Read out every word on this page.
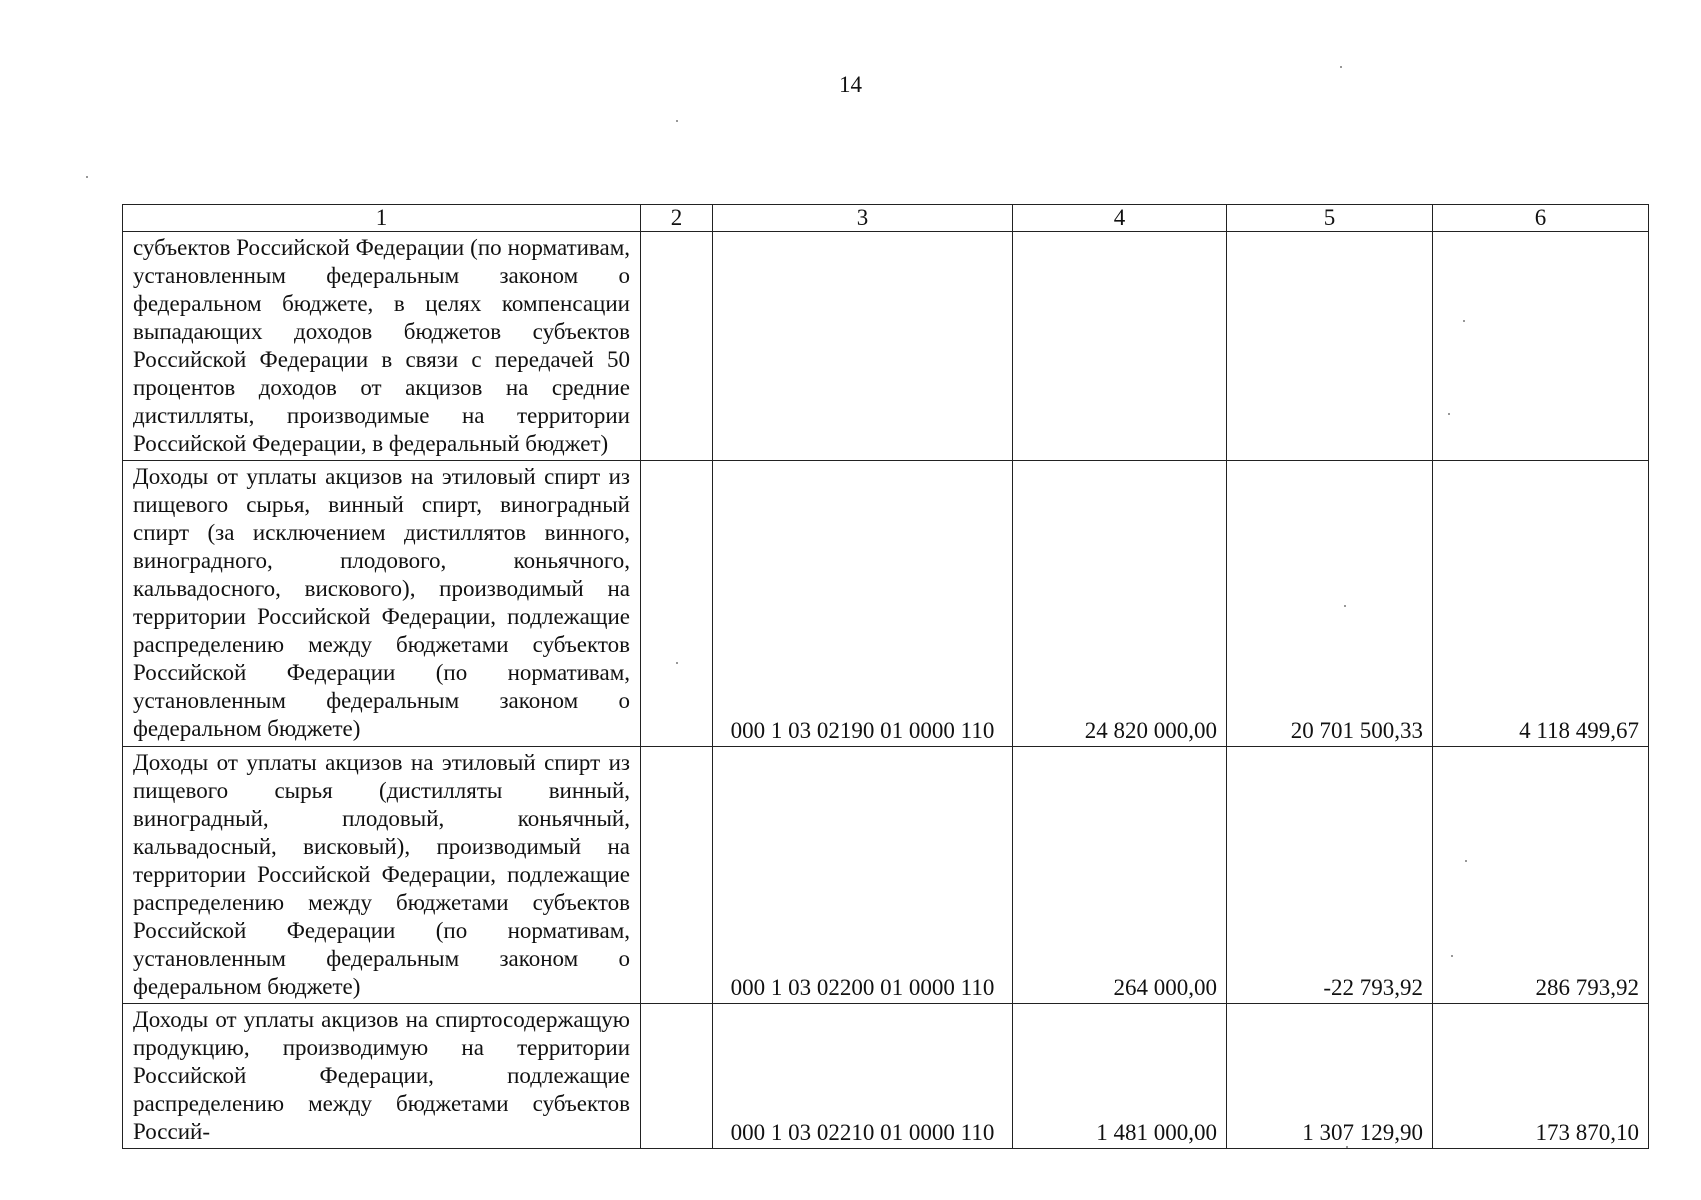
14
1	2	3	4	5	6
субъектов Российской Федерации (по нормативам, установленным федеральным законом о федеральном бюджете, в целях компенсации выпадающих доходов бюджетов субъектов Российской Федерации в связи с передачей 50 процентов доходов от акцизов на средние дистилляты, производимые на территории Российской Федерации, в федеральный бюджет)					
Доходы от уплаты акцизов на этиловый спирт из пищевого сырья, винный спирт, виноградный спирт (за исключением дистиллятов винного, виноградного, плодового, коньячного, кальвадосного, вискового), производимый на территории Российской Федерации, подлежащие распределению между бюджетами субъектов Российской Федерации (по нормативам, установленным федеральным законом о федеральном бюджете)		000 1 03 02190 01 0000 110	24 820 000,00	20 701 500,33	4 118 499,67
Доходы от уплаты акцизов на этиловый спирт из пищевого сырья (дистилляты винный, виноградный, плодовый, коньячный, кальвадосный, висковый), производимый на территории Российской Федерации, подлежащие распределению между бюджетами субъектов Российской Федерации (по нормативам, установленным федеральным законом о федеральном бюджете)		000 1 03 02200 01 0000 110	264 000,00	-22 793,92	286 793,92
Доходы от уплаты акцизов на спиртосодержащую продукцию, производимую на территории Российской Федерации, подлежащие распределению между бюджетами субъектов Россий-		000 1 03 02210 01 0000 110	1 481 000,00	1 307 129,90	173 870,10
